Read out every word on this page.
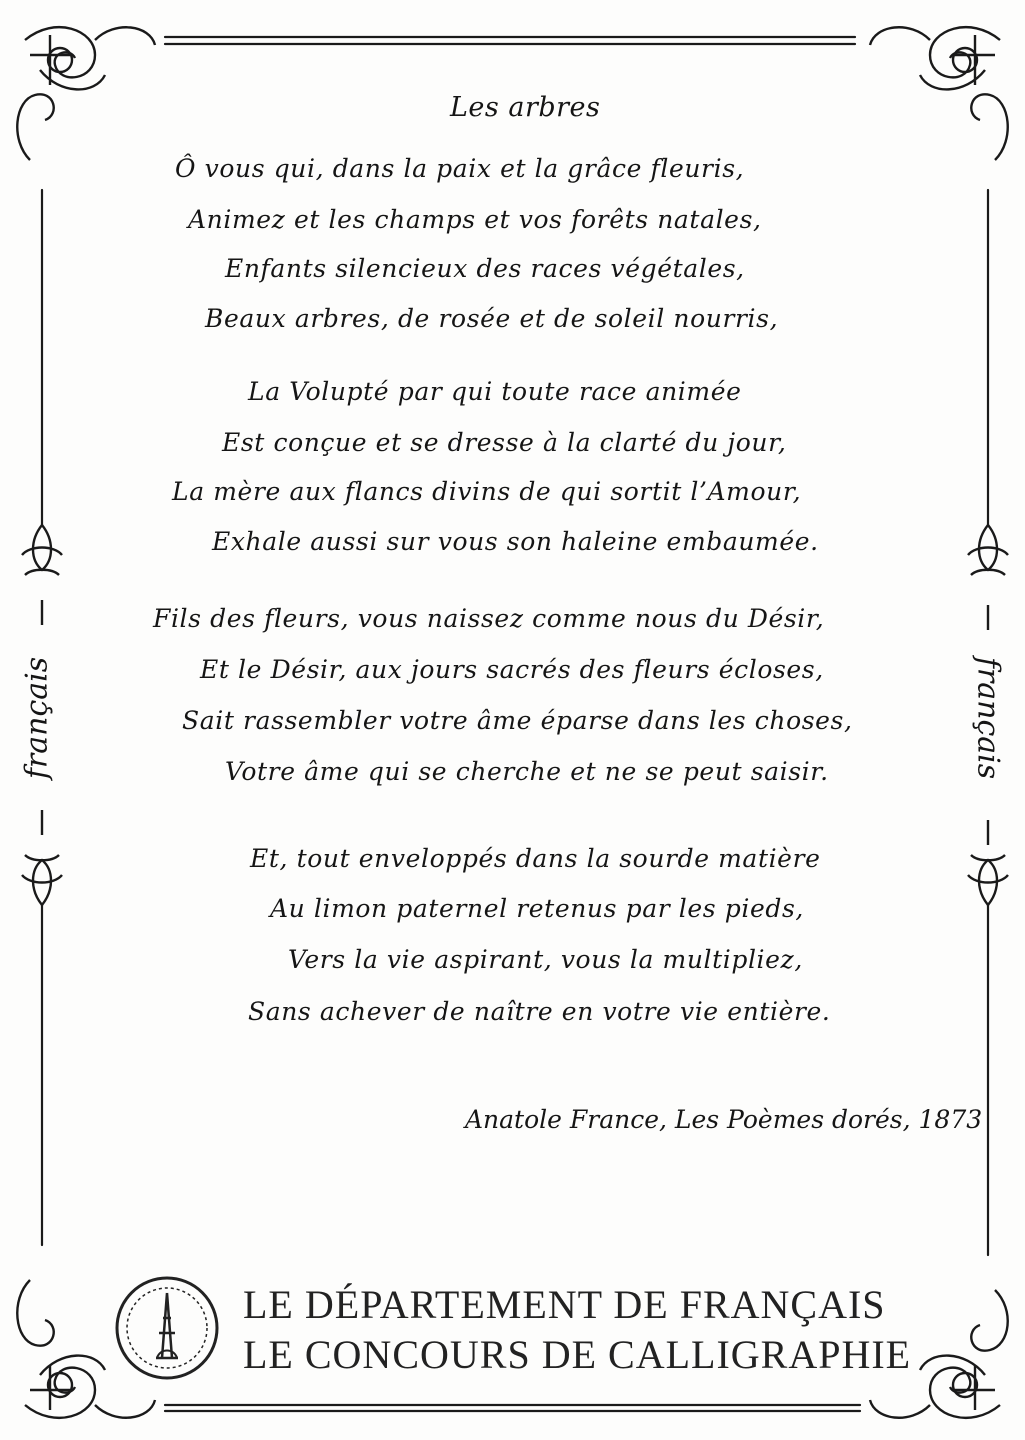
français	français
Les arbres
Ô vous qui, dans la paix et la grâce fleuris,
Animez et les champs et vos forêts natales,
Enfants silencieux des races végétales,
Beaux arbres, de rosée et de soleil nourris,
La Volupté par qui toute race animée
Est conçue et se dresse à la clarté du jour,
La mère aux flancs divins de qui sortit l’Amour,
Exhale aussi sur vous son haleine embaumée.
Fils des fleurs, vous naissez comme nous du Désir,
Et le Désir, aux jours sacrés des fleurs écloses,
Sait rassembler votre âme éparse dans les choses,
Votre âme qui se cherche et ne se peut saisir.
Et, tout enveloppés dans la sourde matière
Au limon paternel retenus par les pieds,
Vers la vie aspirant, vous la multipliez,
Sans achever de naître en votre vie entière.
Anatole France, Les Poèmes dorés, 1873
LE DÉPARTEMENT DE FRANÇAIS
LE CONCOURS DE CALLIGRAPHIE
